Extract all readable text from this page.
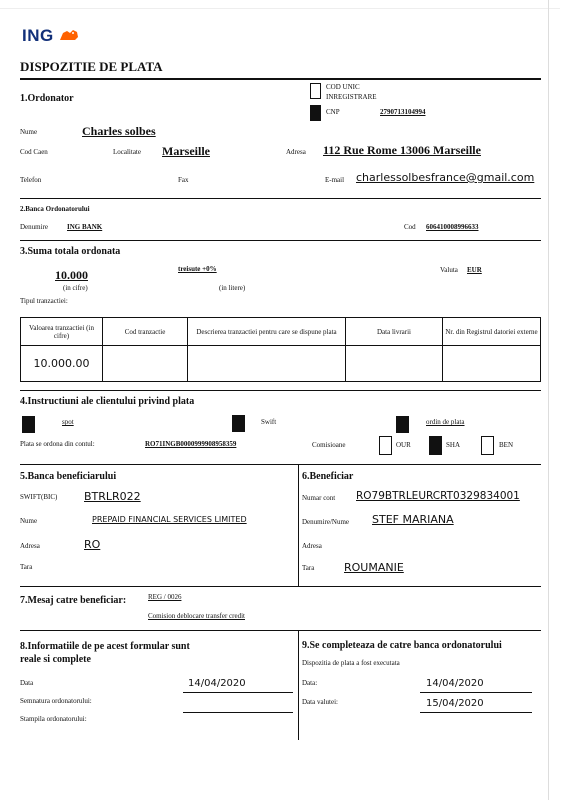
ING
DISPOZITIE DE PLATA
1.Ordonator
COD UNIC
INREGISTRARE
CNP	2790713104994
Nume	Charles solbes
Cod Caen	Localitate Marseille	Adresa 112 Rue Rome 13006 Marseille
Telefon	Fax	E-mail charlessolbesfrance@gmail.com
2.Banca Ordonatorului
Denumire	ING BANK	Cod 606410008996633
3.Suma totala ordonata
10.000
(in cifre)
treisute +0%
(in litere)
Valuta EUR
Tipul tranzactiei:
Valoarea tranzactiei (in cifre)	Cod tranzactie	Descrierea tranzactiei pentru care se dispune plata	Data livrarii	Nr. din Registrul datoriei externe
10.000.00				
4.Instructiuni ale clientului privind plata
spot	Swift	ordin de plata
Plata se ordona din contul:	RO71INGB0000999908958359	Comisioane	OUR	SHA	BEN
5.Banca beneficiarului
SWIFT(BIC) BTRLR022
Nume	PREPAID FINANCIAL SERVICES LIMITED
Adresa	RO
Tara
6.Beneficiar
Numar cont RO79BTRLEURCRT0329834001
Denumire/Nume STEF MARIANA
Adresa
Tara	ROUMANIE
7.Mesaj catre beneficiar:	REG / 0026
Comision deblocare transfer credit
8.Informatiile de pe acest formular sunt
reale si complete
Data	14/04/2020
Semnatura ordonatorului:
Stampila ordonatorului:
9.Se completeaza de catre banca ordonatorului
Dispozitia de plata a fost executata
Data:	14/04/2020
Data valutei:	15/04/2020
